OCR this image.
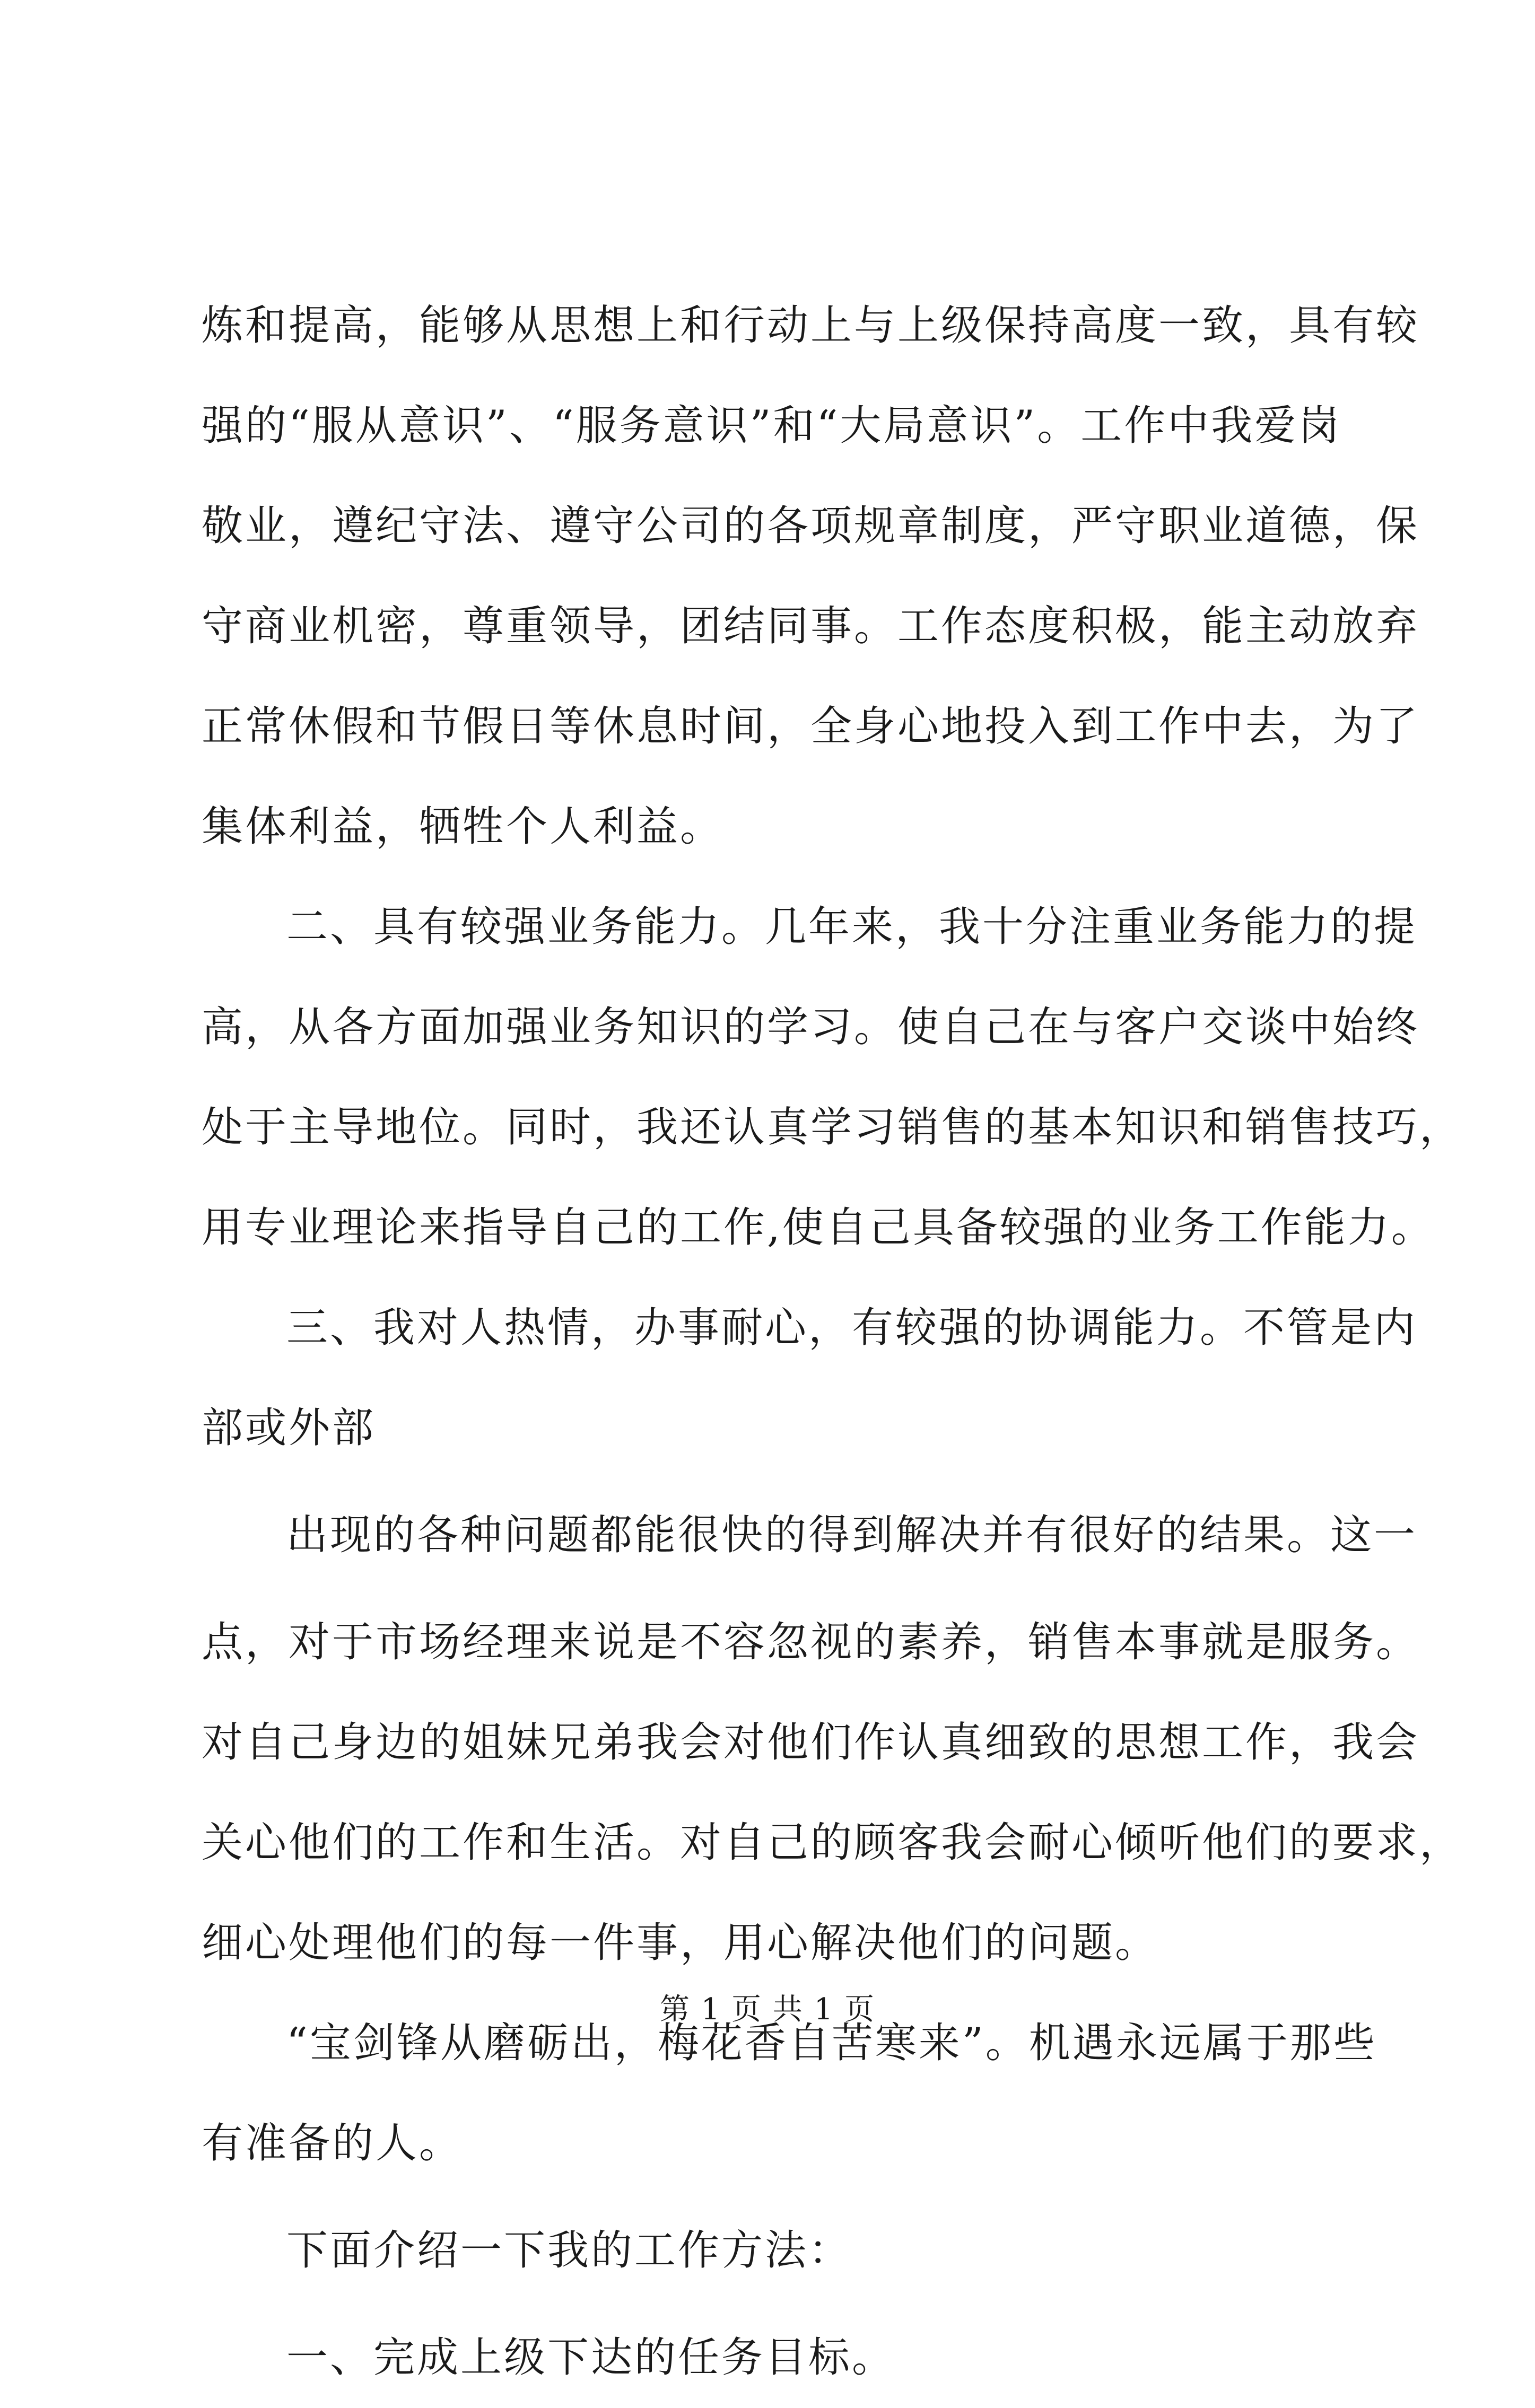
炼和提高，能够从思想上和行动上与上级保持高度一致，具有较
强的“服从意识”、“服务意识”和“大局意识”。工作中我爱岗
敬业，遵纪守法、遵守公司的各项规章制度，严守职业道德，保
守商业机密，尊重领导，团结同事。工作态度积极，能主动放弃
正常休假和节假日等休息时间，全身心地投入到工作中去，为了
集体利益，牺牲个人利益。
二、具有较强业务能力。几年来，我十分注重业务能力的提
高，从各方面加强业务知识的学习。使自己在与客户交谈中始终
处于主导地位。同时，我还认真学习销售的基本知识和销售技巧，
用专业理论来指导自己的工作,使自己具备较强的业务工作能力。
三、我对人热情，办事耐心，有较强的协调能力。不管是内
部或外部
出现的各种问题都能很快的得到解决并有很好的结果。这一
点，对于市场经理来说是不容忽视的素养，销售本事就是服务。
对自己身边的姐妹兄弟我会对他们作认真细致的思想工作，我会
关心他们的工作和生活。对自己的顾客我会耐心倾听他们的要求，
细心处理他们的每一件事，用心解决他们的问题。
“宝剑锋从磨砺出，梅花香自苦寒来”。机遇永远属于那些
有准备的人。
下面介绍一下我的工作方法：
一、完成上级下达的任务目标。
第 1 页 共 1 页
